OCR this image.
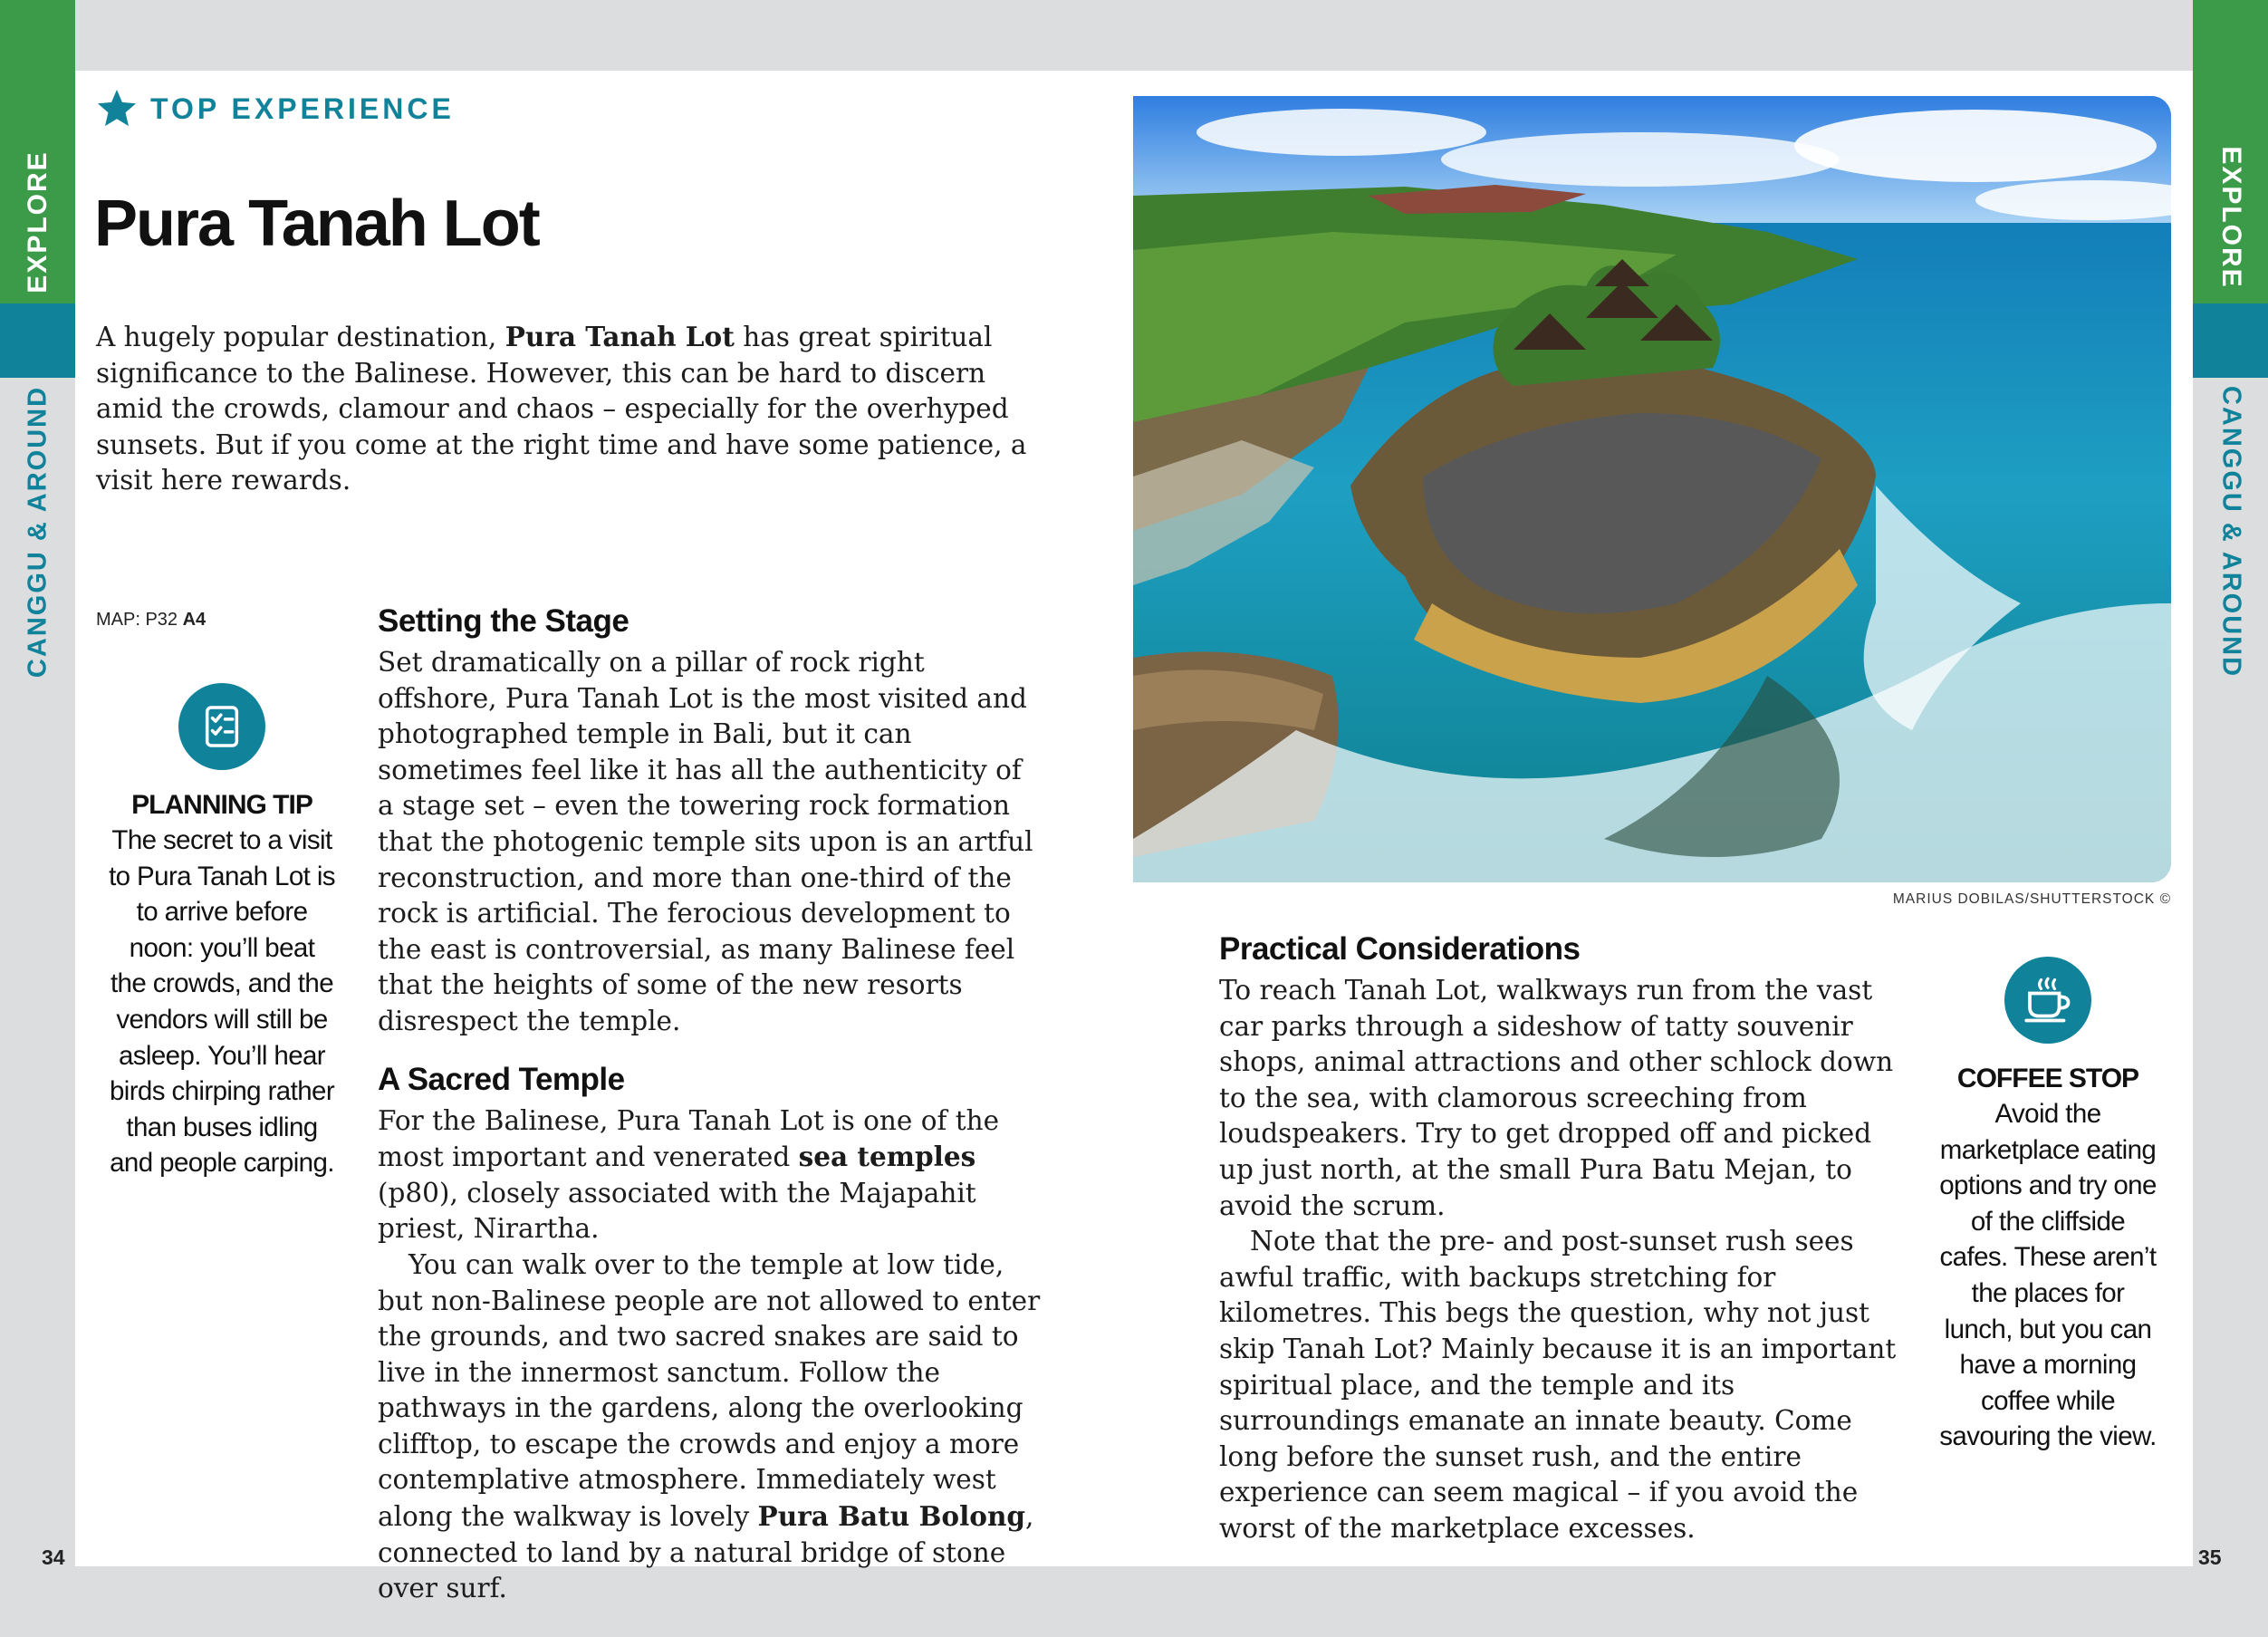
EXPLORE
CANGGU & AROUND
EXPLORE
CANGGU & AROUND
TOP EXPERIENCE
Pura Tanah Lot

A hugely popular destination, Pura Tanah Lot has great spiritual significance to the Balinese. However, this can be hard to discern amid the crowds, clamour and chaos – especially for the overhyped sunsets. But if you come at the right time and have some patience, a visit here rewards.

MAP: P32 A4
PLANNING TIP
The secret to a visit to Pura Tanah Lot is to arrive before noon: you’ll beat the crowds, and the vendors will still be asleep. You’ll hear birds chirping rather than buses idling and people carping.
Setting the Stage

Set dramatically on a pillar of rock right offshore, Pura Tanah Lot is the most visited and photographed temple in Bali, but it can sometimes feel like it has all the authenticity of a stage set – even the towering rock formation that the photogenic temple sits upon is an artful reconstruction, and more than one-third of the rock is artificial. The ferocious development to the east is controversial, as many Balinese feel that the heights of some of the new resorts disrespect the temple.

A Sacred Temple

For the Balinese, Pura Tanah Lot is one of the most important and venerated sea temples (p80), closely associated with the Majapahit priest, Nirartha.

You can walk over to the temple at low tide, but non-Balinese people are not allowed to enter the grounds, and two sacred snakes are said to live in the innermost sanctum. Follow the pathways in the gardens, along the overlooking clifftop, to escape the crowds and enjoy a more contemplative atmosphere. Immediately west along the walkway is lovely Pura Batu Bolong, connected to land by a natural bridge of stone over surf.

MARIUS DOBILAS/SHUTTERSTOCK ©
Practical Considerations

To reach Tanah Lot, walkways run from the vast car parks through a sideshow of tatty souvenir shops, animal attractions and other schlock down to the sea, with clamorous screeching from loudspeakers. Try to get dropped off and picked up just north, at the small Pura Batu Mejan, to avoid the scrum.

Note that the pre- and post-sunset rush sees awful traffic, with backups stretching for kilometres. This begs the question, why not just skip Tanah Lot? Mainly because it is an important spiritual place, and the temple and its surroundings emanate an innate beauty. Come long before the sunset rush, and the entire experience can seem magical – if you avoid the worst of the marketplace excesses.

COFFEE STOP
Avoid the marketplace eating options and try one of the cliffside cafes. These aren’t the places for lunch, but you can have a morning coffee while savouring the view.
34	35
